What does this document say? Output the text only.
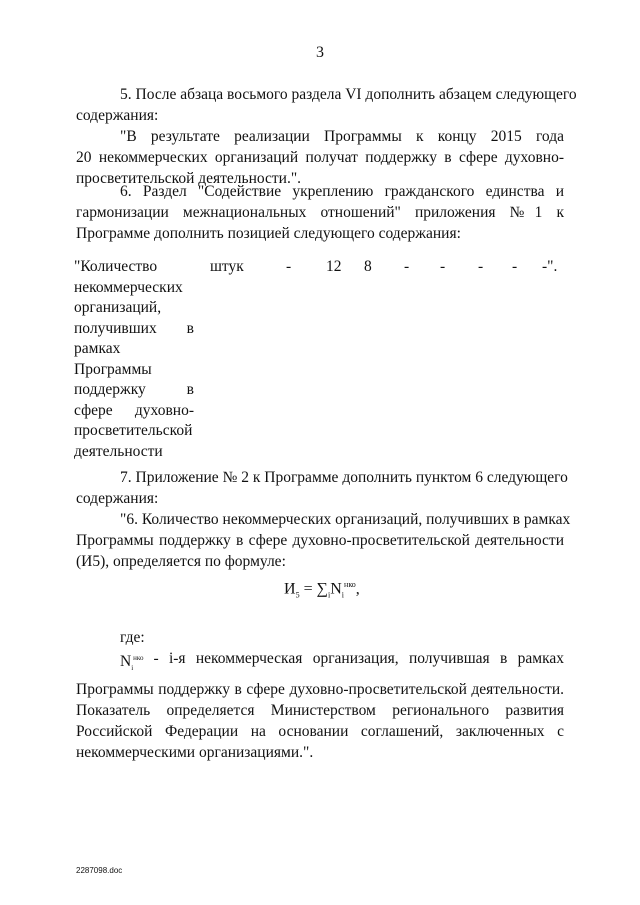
3
5. После абзаца восьмого раздела VI дополнить абзацем следующего
содержания:
"В результате реализации Программы к концу 2015 года
20 некоммерческих организаций получат поддержку в сфере духовно-
просветительской деятельности.".
6. Раздел "Содействие укреплению гражданского единства и
гармонизации межнациональных отношений" приложения №1 к
Программе дополнить позицией следующего содержания:
"Количество
некоммерческих
организаций,
получивших в
рамках
Программы
поддержку	в
сфере духовно-
просветительской
деятельности
штук	- 12 8 - - - - -".
7. Приложение № 2 к Программе дополнить пунктом 6 следующего
содержания:
"6. Количество некоммерческих организаций, получивших в рамках
Программы поддержку в сфере духовно-просветительской деятельности
(И5), определяется по формуле:
$И_5 = \sum_iN_i^{нко}$,
где:
$N_i^{нко} - i-я$ некоммерческая организация, получившая в рамках
Программы поддержку в сфере духовно-просветительской деятельности.
Показатель определяется Министерством регионального развития
Российской Федерации на основании соглашений, заключенных с
некоммерческими организациями.".
2287098.doc
